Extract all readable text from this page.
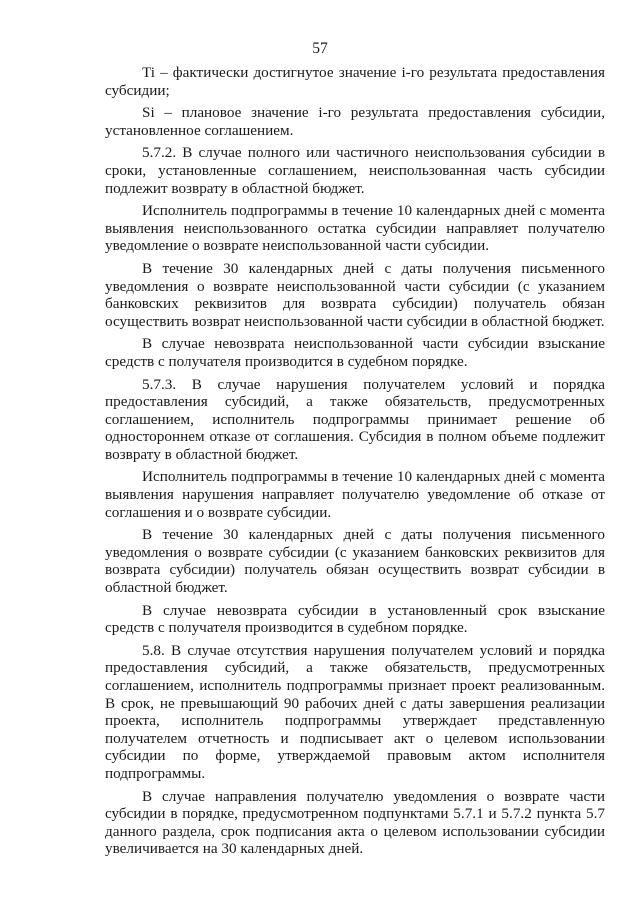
57

Ti – фактически достигнутое значение i-го результата предоставления субсидии;

Si – плановое значение i-го результата предоставления субсидии, установленное соглашением.

5.7.2. В случае полного или частичного неиспользования субсидии в сроки, установленные соглашением, неиспользованная часть субсидии подлежит возврату в областной бюджет.

Исполнитель подпрограммы в течение 10 календарных дней с момента выявления неиспользованного остатка субсидии направляет получателю уведомление о возврате неиспользованной части субсидии.

В течение 30 календарных дней с даты получения письменного уведомления о возврате неиспользованной части субсидии (с указанием банковских реквизитов для возврата субсидии) получатель обязан осуществить возврат неиспользованной части субсидии в областной бюджет.

В случае невозврата неиспользованной части субсидии взыскание средств с получателя производится в судебном порядке.

5.7.3. В случае нарушения получателем условий и порядка предоставления субсидий, а также обязательств, предусмотренных соглашением, исполнитель подпрограммы принимает решение об одностороннем отказе от соглашения. Субсидия в полном объеме подлежит возврату в областной бюджет.

Исполнитель подпрограммы в течение 10 календарных дней с момента выявления нарушения направляет получателю уведомление об отказе от соглашения и о возврате субсидии.

В течение 30 календарных дней с даты получения письменного уведомления о возврате субсидии (с указанием банковских реквизитов для возврата субсидии) получатель обязан осуществить возврат субсидии в областной бюджет.

В случае невозврата субсидии в установленный срок взыскание средств с получателя производится в судебном порядке.

5.8. В случае отсутствия нарушения получателем условий и порядка предоставления субсидий, а также обязательств, предусмотренных соглашением, исполнитель подпрограммы признает проект реализованным. В срок, не превышающий 90 рабочих дней с даты завершения реализации проекта, исполнитель подпрограммы утверждает представленную получателем отчетность и подписывает акт о целевом использовании субсидии по форме, утверждаемой правовым актом исполнителя подпрограммы.

В случае направления получателю уведомления о возврате части субсидии в порядке, предусмотренном подпунктами 5.7.1 и 5.7.2 пункта 5.7 данного раздела, срок подписания акта о целевом использовании субсидии увеличивается на 30 календарных дней.
